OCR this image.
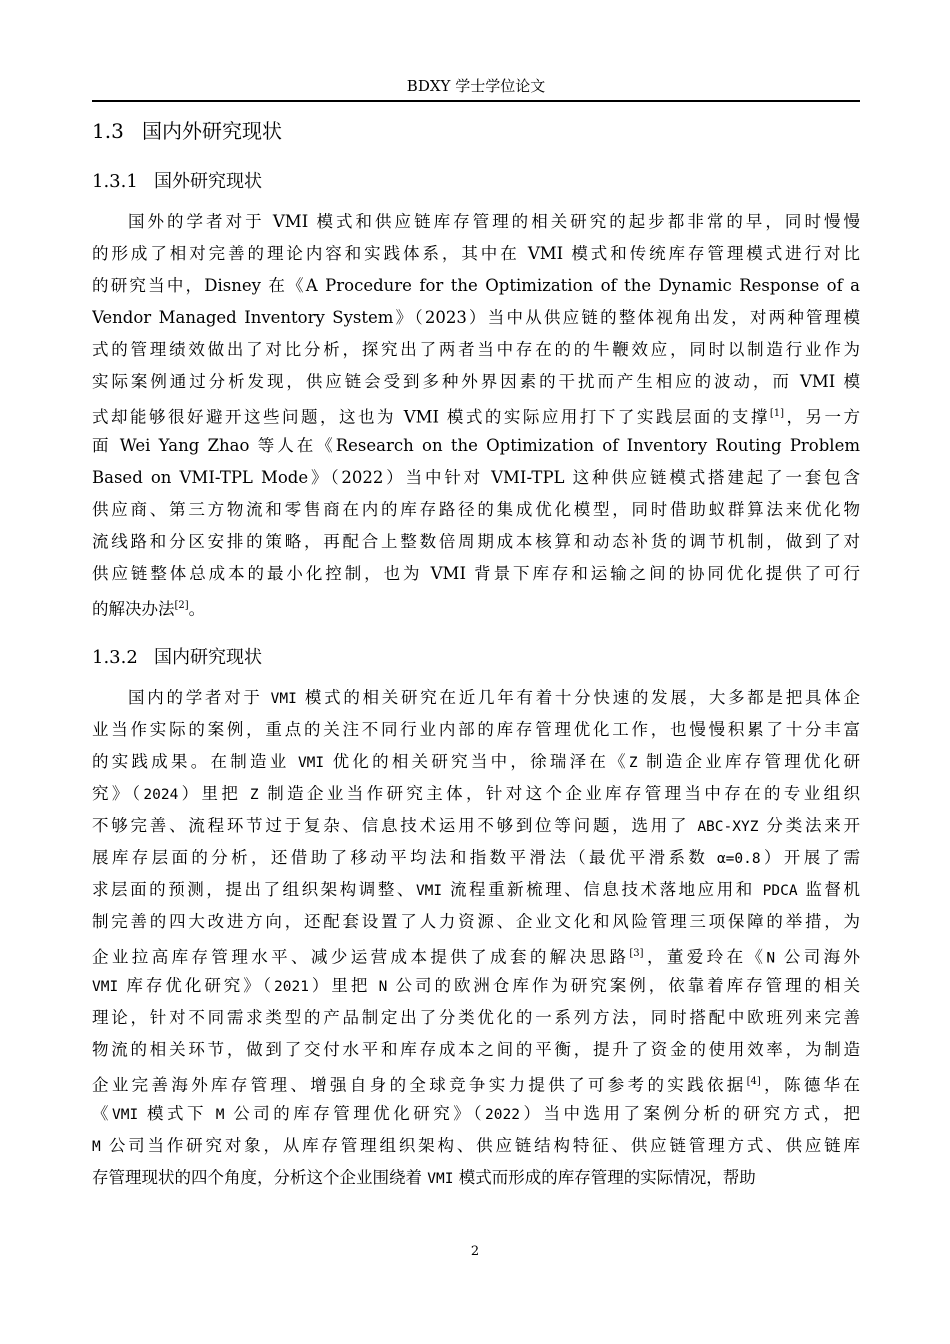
BDXY 学士学位论文
1.3 国内外研究现状
1.3.1 国外研究现状
国外的学者对于 VMI 模式和供应链库存管理的相关研究的起步都非常的早，同时慢慢
的形成了相对完善的理论内容和实践体系，其中在 VMI 模式和传统库存管理模式进行对比
的研究当中，Disney 在《A Procedure for the Optimization of the Dynamic Response of a
Vendor Managed Inventory System》（2023）当中从供应链的整体视角出发，对两种管理模
式的管理绩效做出了对比分析，探究出了两者当中存在的的牛鞭效应，同时以制造行业作为
实际案例通过分析发现，供应链会受到多种外界因素的干扰而产生相应的波动，而 VMI 模
式却能够很好避开这些问题，这也为 VMI 模式的实际应用打下了实践层面的支撑[1]，另一方
面 Wei Yang Zhao 等人在《Research on the Optimization of Inventory Routing Problem
Based on VMI-TPL Mode》（2022）当中针对 VMI-TPL 这种供应链模式搭建起了一套包含
供应商、第三方物流和零售商在内的库存路径的集成优化模型，同时借助蚁群算法来优化物
流线路和分区安排的策略，再配合上整数倍周期成本核算和动态补货的调节机制，做到了对
供应链整体总成本的最小化控制，也为 VMI 背景下库存和运输之间的协同优化提供了可行
的解决办法[2]。
1.3.2 国内研究现状
国内的学者对于 VMI 模式的相关研究在近几年有着十分快速的发展，大多都是把具体企
业当作实际的案例，重点的关注不同行业内部的库存管理优化工作，也慢慢积累了十分丰富
的实践成果。在制造业 VMI 优化的相关研究当中，徐瑞泽在《Z 制造企业库存管理优化研
究》（2024）里把 Z 制造企业当作研究主体，针对这个企业库存管理当中存在的专业组织
不够完善、流程环节过于复杂、信息技术运用不够到位等问题，选用了 ABC-XYZ 分类法来开
展库存层面的分析，还借助了移动平均法和指数平滑法（最优平滑系数 α=0.8）开展了需
求层面的预测，提出了组织架构调整、VMI 流程重新梳理、信息技术落地应用和 PDCA 监督机
制完善的四大改进方向，还配套设置了人力资源、企业文化和风险管理三项保障的举措，为
企业拉高库存管理水平、减少运营成本提供了成套的解决思路[3]，董爱玲在《N 公司海外
VMI 库存优化研究》（2021）里把 N 公司的欧洲仓库作为研究案例，依靠着库存管理的相关
理论，针对不同需求类型的产品制定出了分类优化的一系列方法，同时搭配中欧班列来完善
物流的相关环节，做到了交付水平和库存成本之间的平衡，提升了资金的使用效率，为制造
企业完善海外库存管理、增强自身的全球竞争实力提供了可参考的实践依据[4]，陈德华在
《VMI 模式下 M 公司的库存管理优化研究》（2022）当中选用了案例分析的研究方式，把
M 公司当作研究对象，从库存管理组织架构、供应链结构特征、供应链管理方式、供应链库
存管理现状的四个角度，分析这个企业围绕着 VMI 模式而形成的库存管理的实际情况，帮助
2
